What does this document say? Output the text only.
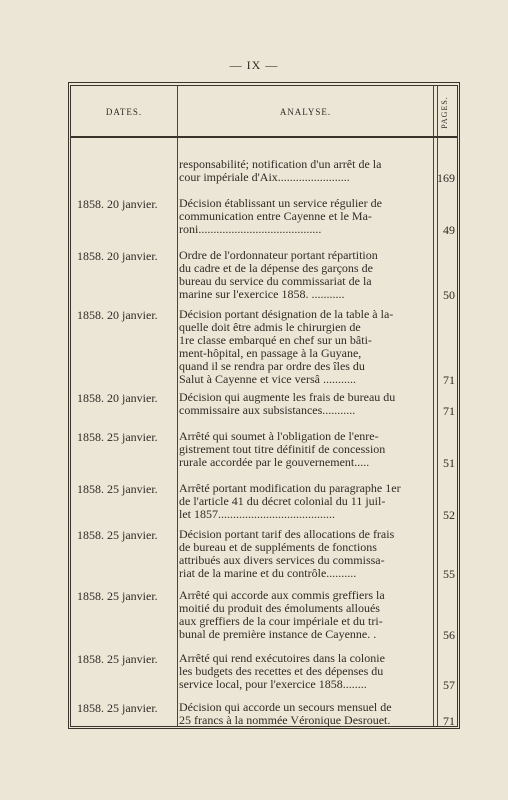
— IX —
DATES.	ANALYSE.	PAGES.
responsabilité; notification d'un arrêt de la
cour impériale d'Aix........................	169
1858. 20 janvier. Décision établissant un service régulier de
communication entre Cayenne et le Ma-
roni.........................................	49
1858. 20 janvier. Ordre de l'ordonnateur portant répartition
du cadre et de la dépense des garçons de
bureau du service du commissariat de la
marine sur l'exercice 1858. ...........	50
1858. 20 janvier. Décision portant désignation de la table à la-
quelle doit être admis le chirurgien de
1re classe embarqué en chef sur un bâti-
ment-hôpital, en passage à la Guyane,
quand il se rendra par ordre des îles du
Salut à Cayenne et vice versâ ...........	71
1858. 20 janvier. Décision qui augmente les frais de bureau du
commissaire aux subsistances...........	71
1858. 25 janvier. Arrêté qui soumet à l'obligation de l'enre-
gistrement tout titre définitif de concession
rurale accordée par le gouvernement.....	51
1858. 25 janvier. Arrêté portant modification du paragraphe 1er
de l'article 41 du décret colonial du 11 juil-
let 1857.......................................	52
1858. 25 janvier. Décision portant tarif des allocations de frais
de bureau et de suppléments de fonctions
attribués aux divers services du commissa-
riat de la marine et du contrôle..........	55
1858. 25 janvier. Arrêté qui accorde aux commis greffiers la
moitié du produit des émoluments alloués
aux greffiers de la cour impériale et du tri-
bunal de première instance de Cayenne. .	56
1858. 25 janvier. Arrêté qui rend exécutoires dans la colonie
les budgets des recettes et des dépenses du
service local, pour l'exercice 1858........	57
1858. 25 janvier. Décision qui accorde un secours mensuel de
25 francs à la nommée Véronique Desrouet.	71
